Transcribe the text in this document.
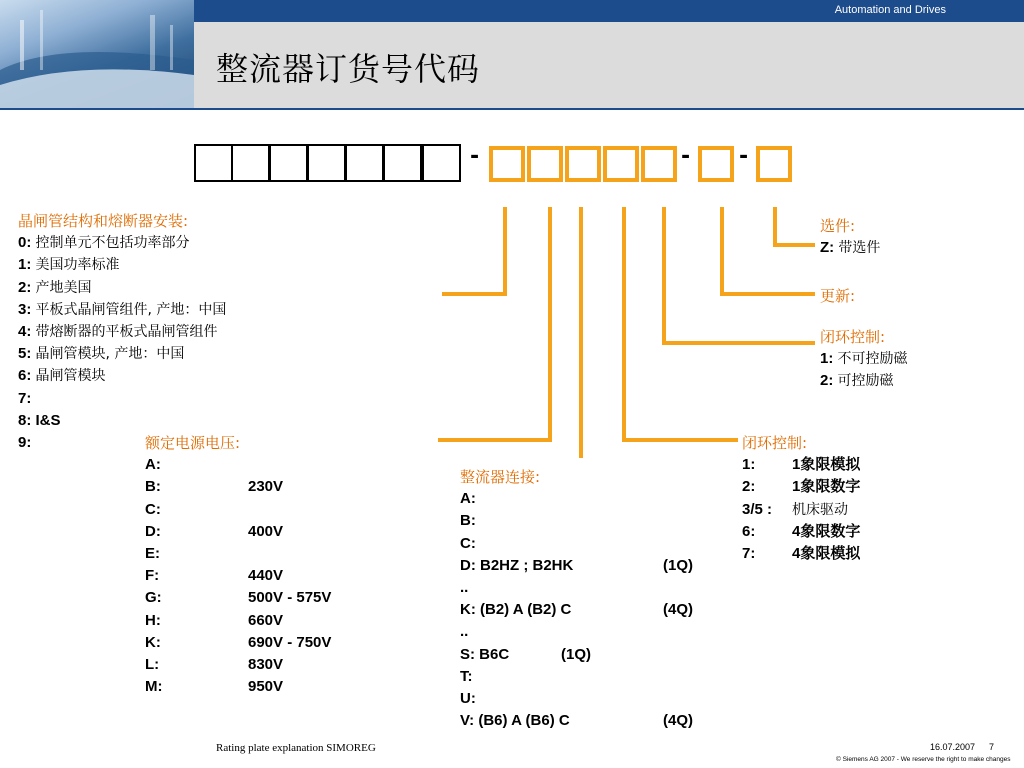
Automation and Drives
整流器订货号代码
-	- -
晶闸管结构和熔断器安装:
0:
控制单元不包括功率部分
1:
美国功率标准
2:
产地美国
3:
平板式晶闸管组件, 产地：中国
4:
带熔断器的平板式晶闸管组件
5:
晶闸管模块, 产地：中国
6:
晶闸管模块
7:

8:
I&S
9:
	额定电源电压:
A:
B:	230V
C:
D:	400V
E:
F:	440V
G:	500V - 575V
H:	660V
K:	690V - 750V
L:	830V
M:	950V
整流器连接:
A:
B:
C:
D: B2HZ ; B2HK	(1Q)
..
K: (B2) A (B2) C	(4Q)
..
S: B6C	(1Q)
T:
U:
V: (B6) A (B6) C	(4Q)
闭环控制:
1:	1象限模拟
2:	1象限数字
3/5 :	机床驱动
6:	4象限数字
7:	4象限模拟
闭环控制:
1:
不可控励磁
2:
可控励磁
更新:
选件:
Z:
带选件
Rating plate explanation SIMOREG	16.07.2007 7
© Siemens AG 2007 - We reserve the right to make changes
